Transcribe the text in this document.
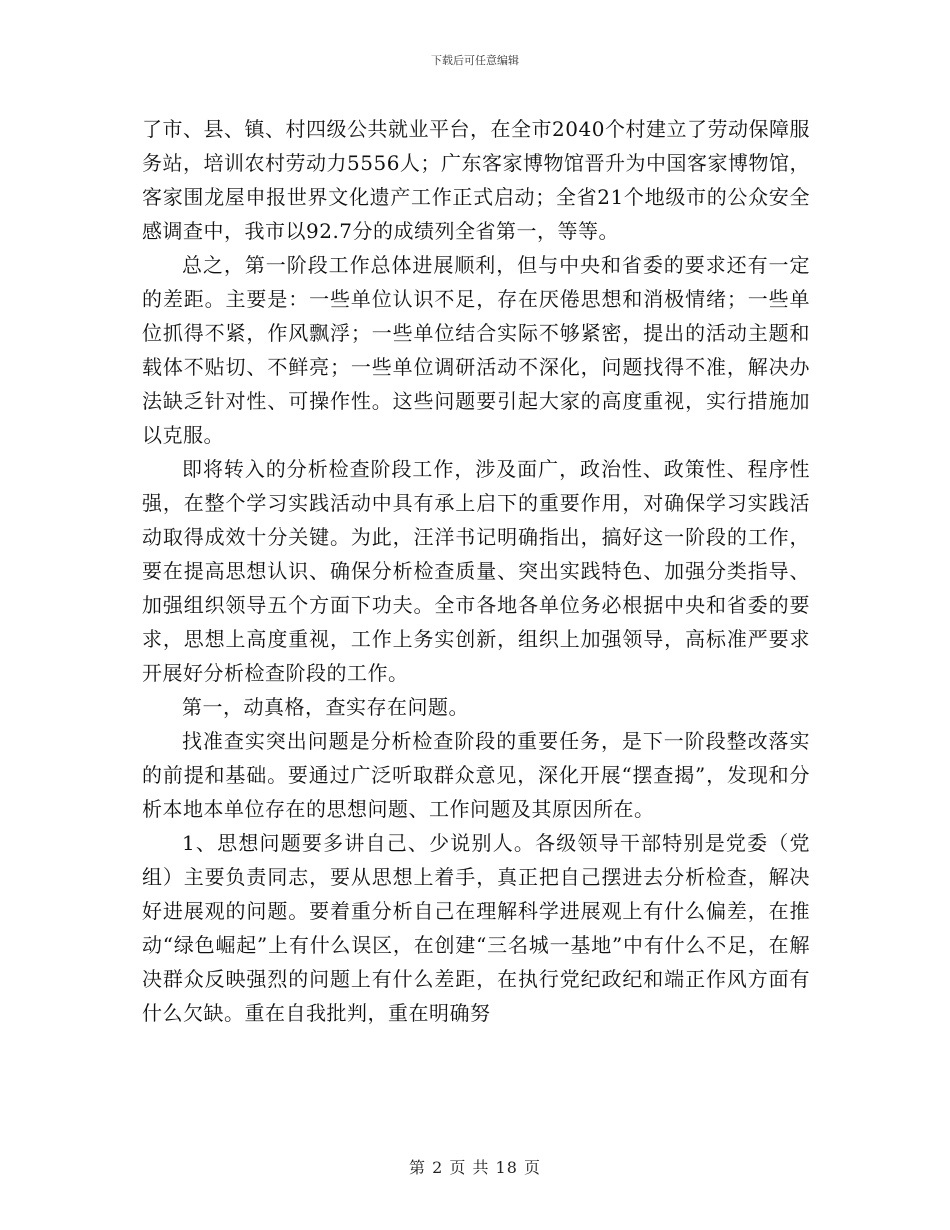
下载后可任意编辑

了市、县、镇、村四级公共就业平台，在全市2040个村建立了劳动保障服务站，培训农村劳动力5556人；广东客家博物馆晋升为中国客家博物馆，客家围龙屋申报世界文化遗产工作正式启动；全省21个地级市的公众安全感调查中，我市以92.7分的成绩列全省第一，等等。

总之，第一阶段工作总体进展顺利，但与中央和省委的要求还有一定的差距。主要是：一些单位认识不足，存在厌倦思想和消极情绪；一些单位抓得不紧，作风飘浮；一些单位结合实际不够紧密，提出的活动主题和载体不贴切、不鲜亮；一些单位调研活动不深化，问题找得不准，解决办法缺乏针对性、可操作性。这些问题要引起大家的高度重视，实行措施加以克服。

即将转入的分析检查阶段工作，涉及面广，政治性、政策性、程序性强，在整个学习实践活动中具有承上启下的重要作用，对确保学习实践活动取得成效十分关键。为此，汪洋书记明确指出，搞好这一阶段的工作，要在提高思想认识、确保分析检查质量、突出实践特色、加强分类指导、加强组织领导五个方面下功夫。全市各地各单位务必根据中央和省委的要求，思想上高度重视，工作上务实创新，组织上加强领导，高标准严要求开展好分析检查阶段的工作。

第一，动真格，查实存在问题。

找准查实突出问题是分析检查阶段的重要任务，是下一阶段整改落实的前提和基础。要通过广泛听取群众意见，深化开展“摆查揭”，发现和分析本地本单位存在的思想问题、工作问题及其原因所在。

1、思想问题要多讲自己、少说别人。各级领导干部特别是党委（党组）主要负责同志，要从思想上着手，真正把自己摆进去分析检查，解决好进展观的问题。要着重分析自己在理解科学进展观上有什么偏差，在推动“绿色崛起”上有什么误区，在创建“三名城一基地”中有什么不足，在解决群众反映强烈的问题上有什么差距，在执行党纪政纪和端正作风方面有什么欠缺。重在自我批判，重在明确努

第 2 页 共 18 页
